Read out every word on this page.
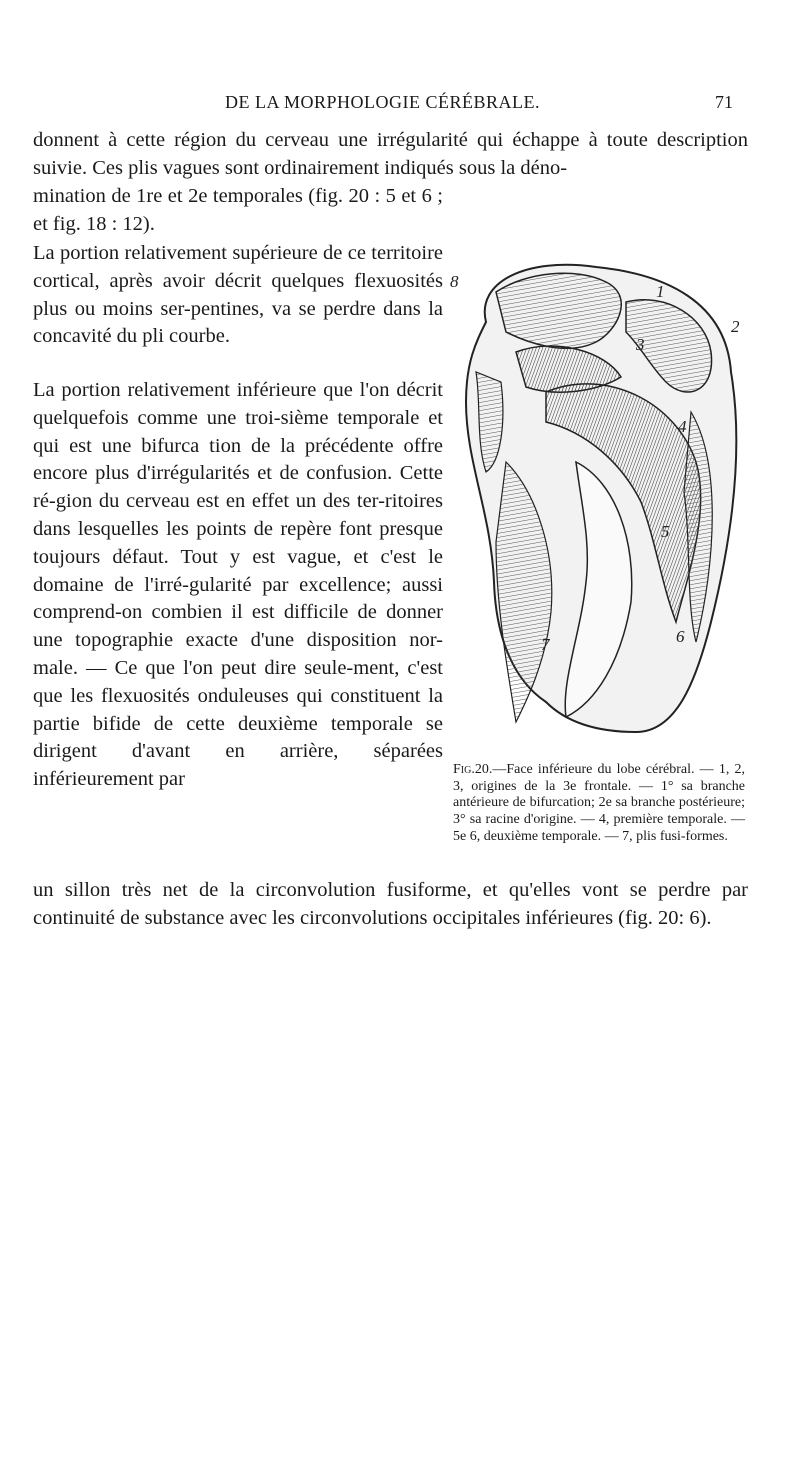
DE LA MORPHOLOGIE CÉRÉBRALE.	71

donnent à cette région du cerveau une irrégularité qui échappe à toute description suivie. Ces plis vagues sont ordinairement indiqués sous la déno-

mination de 1re et 2e temporales (fig. 20 : 5 et 6 ; et fig. 18 : 12).

La portion relativement supérieure de ce territoire cortical, après avoir décrit quelques flexuosités plus ou moins ser-pentines, va se perdre dans la concavité du pli courbe.

La portion relativement inférieure que l'on décrit quelquefois comme une troi-sième temporale et qui est une bifurca tion de la précédente offre encore plus d'irrégularités et de confusion. Cette ré-gion du cerveau est en effet un des ter-ritoires dans lesquelles les points de repère font presque toujours défaut. Tout y est vague, et c'est le domaine de l'irré-gularité par excellence; aussi comprend-on combien il est difficile de donner une topographie exacte d'une disposition nor-male. — Ce que l'on peut dire seule-ment, c'est que les flexuosités onduleuses qui constituent la partie bifide de cette deuxième temporale se dirigent d'avant en arrière, séparées inférieurement par

un sillon très net de la circonvolution fusiforme, et qu'elles vont se perdre par continuité de substance avec les circonvolutions occipitales inférieures (fig. 20: 6).

1
2
3
4
5
6
7
8

Fig.20.—Face inférieure du lobe cérébral. — 1, 2, 3, origines de la 3e frontale. — 1° sa branche antérieure de bifurcation; 2e sa branche postérieure; 3° sa racine d'origine. — 4, première temporale. — 5e 6, deuxième temporale. — 7, plis fusi-formes.
